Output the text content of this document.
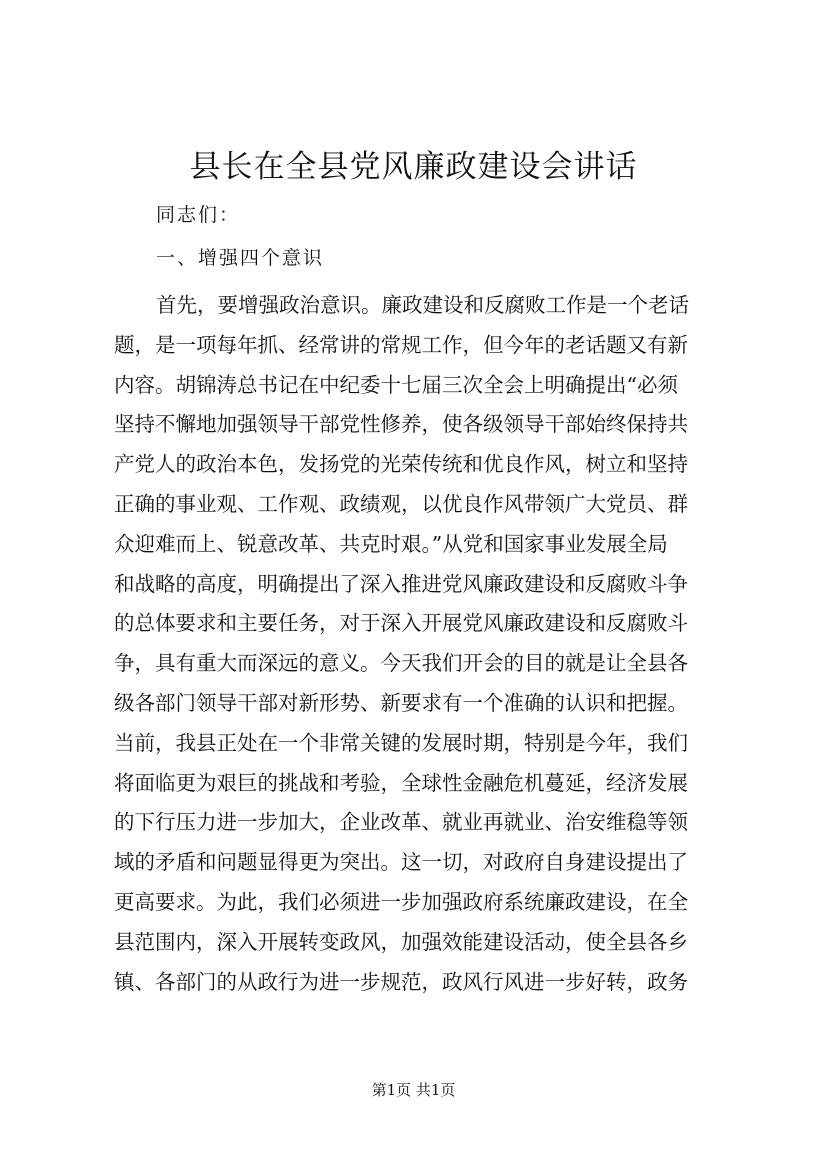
县长在全县党风廉政建设会讲话

同志们：

一、增强四个意识

首先，要增强政治意识。廉政建设和反腐败工作是一个老话
题，是一项每年抓、经常讲的常规工作，但今年的老话题又有新
内容。胡锦涛总书记在中纪委十七届三次全会上明确提出“必须
坚持不懈地加强领导干部党性修养，使各级领导干部始终保持共
产党人的政治本色，发扬党的光荣传统和优良作风，树立和坚持
正确的事业观、工作观、政绩观，以优良作风带领广大党员、群
众迎难而上、锐意改革、共克时艰。”从党和国家事业发展全局
和战略的高度，明确提出了深入推进党风廉政建设和反腐败斗争
的总体要求和主要任务，对于深入开展党风廉政建设和反腐败斗
争，具有重大而深远的意义。今天我们开会的目的就是让全县各
级各部门领导干部对新形势、新要求有一个准确的认识和把握。
当前，我县正处在一个非常关键的发展时期，特别是今年，我们
将面临更为艰巨的挑战和考验，全球性金融危机蔓延，经济发展
的下行压力进一步加大，企业改革、就业再就业、治安维稳等领
域的矛盾和问题显得更为突出。这一切，对政府自身建设提出了
更高要求。为此，我们必须进一步加强政府系统廉政建设，在全
县范围内，深入开展转变政风，加强效能建设活动，使全县各乡
镇、各部门的从政行为进一步规范，政风行风进一步好转，政务
第1页 共1页
